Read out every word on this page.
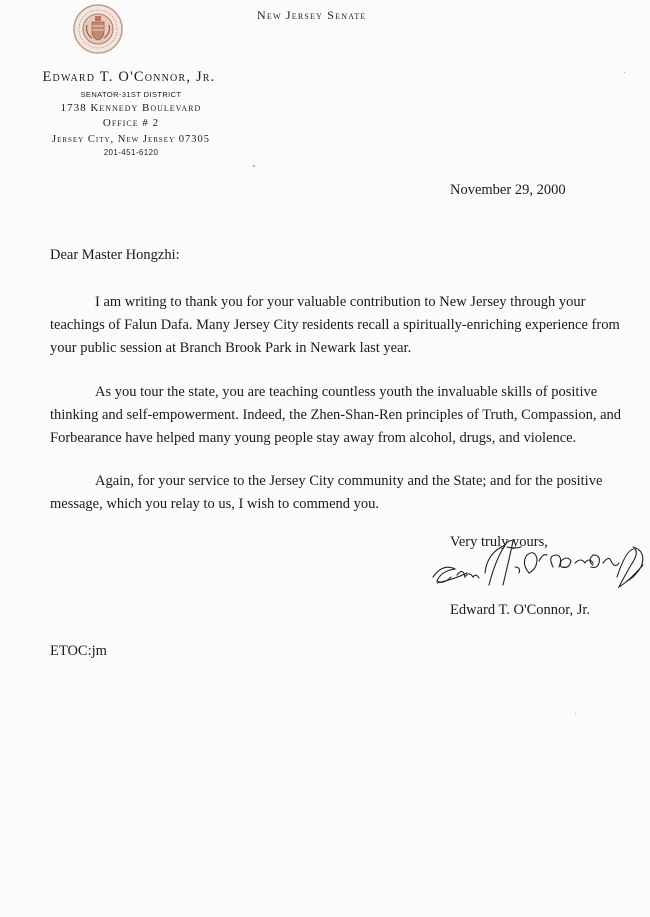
New Jersey Senate
Edward T. O'Connor, Jr.
SENATOR-31ST DISTRICT
1738 Kennedy Boulevard
Office # 2
Jersey City, New Jersey 07305
201-451-6120
November 29, 2000
Dear Master Hongzhi:

I am writing to thank you for your valuable contribution to New Jersey through your teachings of Falun Dafa. Many Jersey City residents recall a spiritually-enriching experience from your public session at Branch Brook Park in Newark last year.

As you tour the state, you are teaching countless youth the invaluable skills of positive thinking and self-empowerment. Indeed, the Zhen-Shan-Ren principles of Truth, Compassion, and Forbearance have helped many young people stay away from alcohol, drugs, and violence.

Again, for your service to the Jersey City community and the State; and for the positive message, which you relay to us, I wish to commend you.

Very truly yours,
Edward T. O'Connor, Jr.
ETOC:jm
